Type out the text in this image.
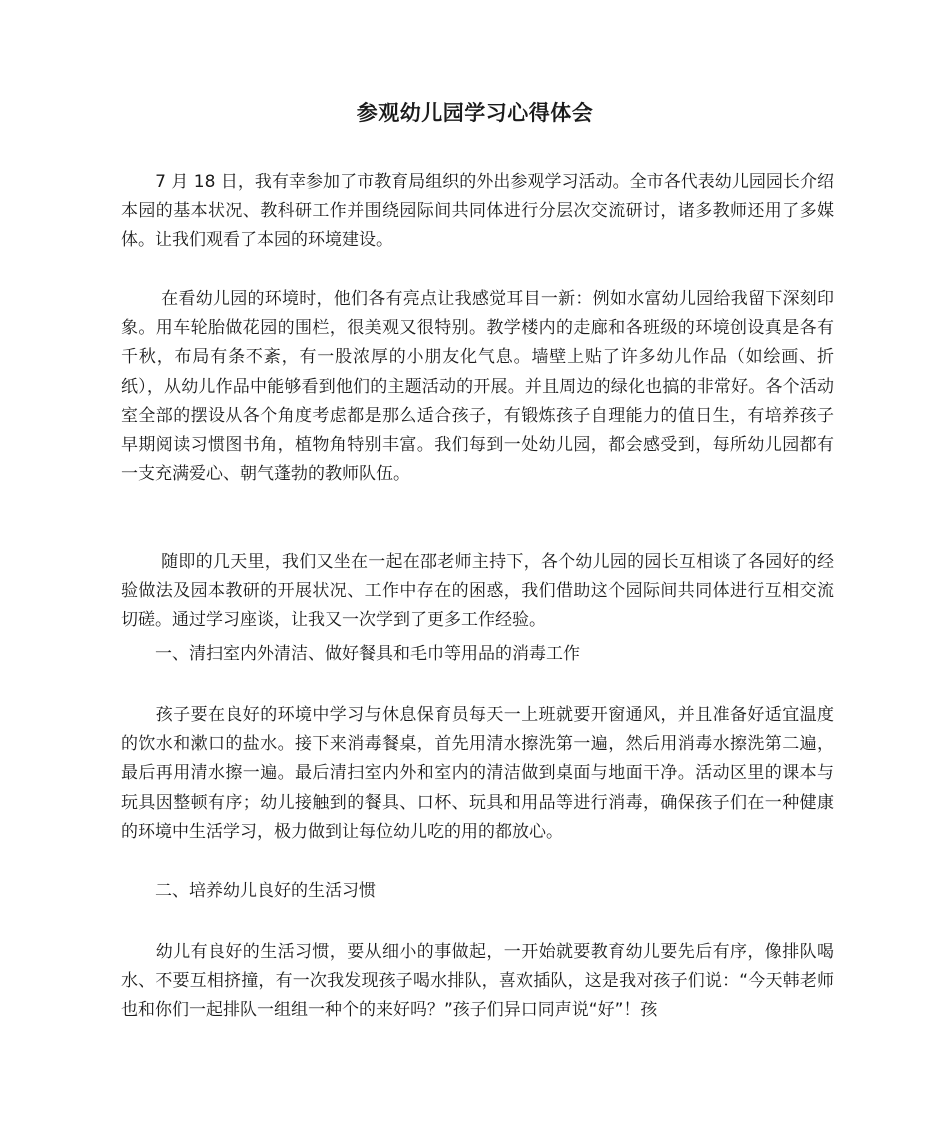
参观幼儿园学习心得体会

　　7 月 18 日，我有幸参加了市教育局组织的外出参观学习活动。全市各代表幼儿园园长介绍本园的基本状况、教科研工作并围绕园际间共同体进行分层次交流研讨，诸多教师还用了多媒体。让我们观看了本园的环境建设。

　　 在看幼儿园的环境时，他们各有亮点让我感觉耳目一新：例如水富幼儿园给我留下深刻印象。用车轮胎做花园的围栏，很美观又很特别。教学楼内的走廊和各班级的环境创设真是各有千秋，布局有条不紊，有一股浓厚的小朋友化气息。墙壁上贴了许多幼儿作品（如绘画、折纸），从幼儿作品中能够看到他们的主题活动的开展。并且周边的绿化也搞的非常好。各个活动室全部的摆设从各个角度考虑都是那么适合孩子，有锻炼孩子自理能力的值日生，有培养孩子早期阅读习惯图书角，植物角特别丰富。我们每到一处幼儿园，都会感受到，每所幼儿园都有一支充满爱心、朝气蓬勃的教师队伍。

　　 随即的几天里，我们又坐在一起在邵老师主持下，各个幼儿园的园长互相谈了各园好的经验做法及园本教研的开展状况、工作中存在的困惑，我们借助这个园际间共同体进行互相交流切磋。通过学习座谈，让我又一次学到了更多工作经验。

　　一、清扫室内外清洁、做好餐具和毛巾等用品的消毒工作

　　孩子要在良好的环境中学习与休息保育员每天一上班就要开窗通风，并且准备好适宜温度的饮水和漱口的盐水。接下来消毒餐桌，首先用清水擦洗第一遍，然后用消毒水擦洗第二遍，最后再用清水擦一遍。最后清扫室内外和室内的清洁做到桌面与地面干净。活动区里的课本与玩具因整顿有序；幼儿接触到的餐具、口杯、玩具和用品等进行消毒，确保孩子们在一种健康的环境中生活学习，极力做到让每位幼儿吃的用的都放心。

　　二、培养幼儿良好的生活习惯

　　幼儿有良好的生活习惯，要从细小的事做起，一开始就要教育幼儿要先后有序，像排队喝水、不要互相挤撞，有一次我发现孩子喝水排队，喜欢插队，这是我对孩子们说：“今天韩老师也和你们一起排队一组组一种个的来好吗？”孩子们异口同声说“好”！孩
